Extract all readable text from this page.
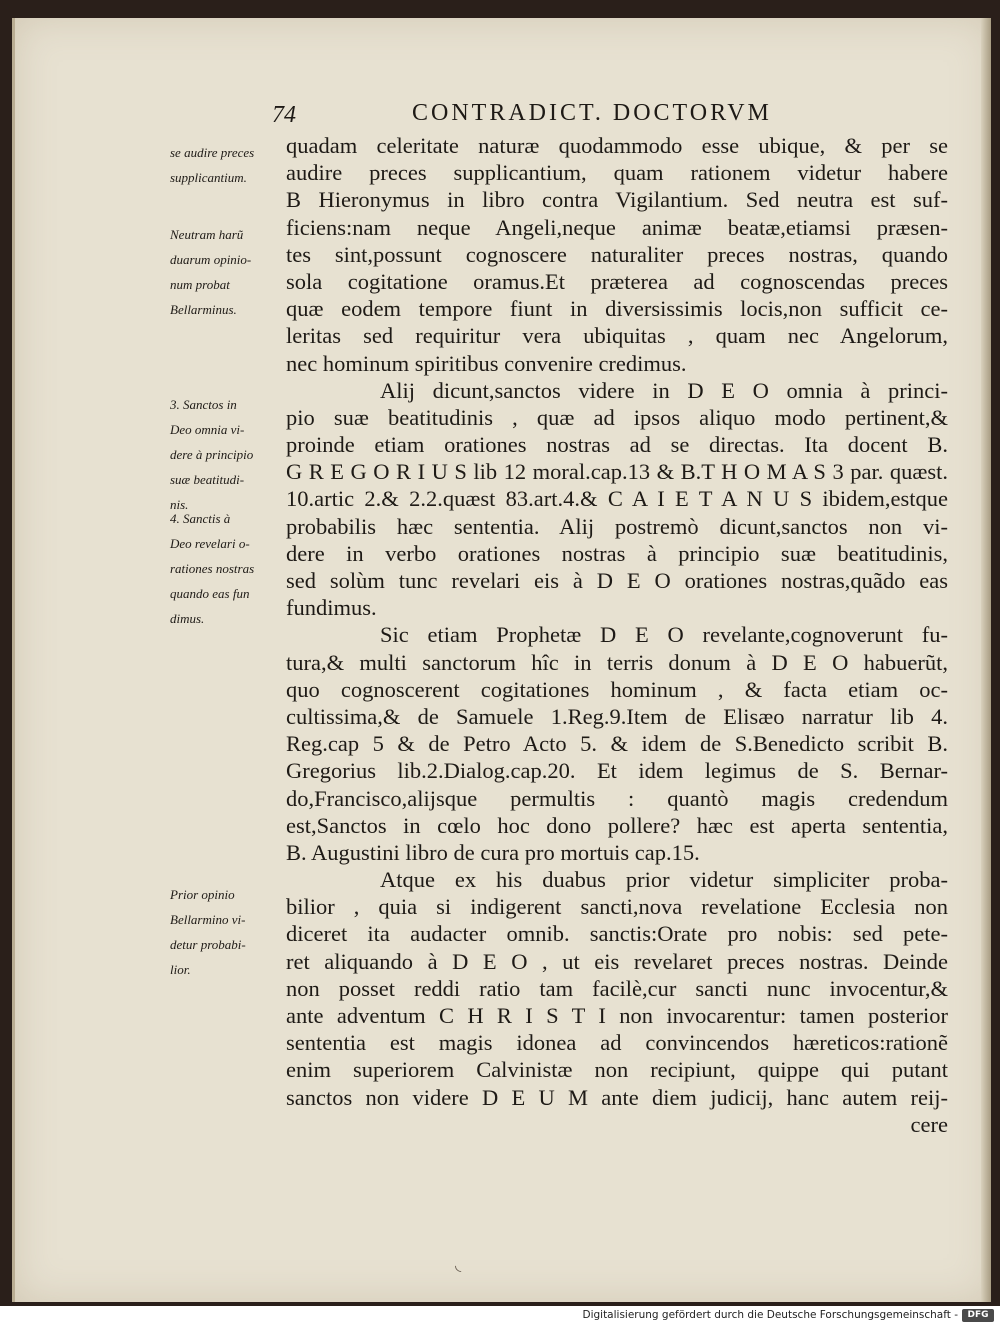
74	CONTRADICT. DOCTORVM
se audire preces
supplicantium.
Neutram harũ
duarum opinio-
num probat
Bellarminus.
3. Sanctos in
Deo omnia vi-
dere à principio
suæ beatitudi-
nis.
4. Sanctis à
Deo revelari o-
rationes nostras
quando eas fun
dimus.
Prior opinio
Bellarmino vi-
detur probabi-
lior.
quadam celeritate naturæ quodammodo esse ubique, & per se
audire preces supplicantium, quam rationem videtur habere
B Hieronymus in libro contra Vigilantium. Sed neutra est suf-
ficiens:nam neque Angeli,neque animæ beatæ,etiamsi præsen-
tes sint,possunt cognoscere naturaliter preces nostras, quando
sola cogitatione oramus.Et præterea ad cognoscendas preces
quæ eodem tempore fiunt in diversissimis locis,non sufficit ce-
leritas sed requiritur vera ubiquitas , quam nec Angelorum,
nec hominum spiritibus convenire credimus.
Alij dicunt,sanctos videre in D E O omnia à princi-
pio suæ beatitudinis , quæ ad ipsos aliquo modo pertinent,&
proinde etiam orationes nostras ad se directas. Ita docent B.
G R E G O R I U S lib 12 moral.cap.13 & B.T H O M A S 3 par. quæst.
10.artic 2.& 2.2.quæst 83.art.4.& C A I E T A N U S ibidem,estque
probabilis hæc sententia. Alij postremò dicunt,sanctos non vi-
dere in verbo orationes nostras à principio suæ beatitudinis,
sed solùm tunc revelari eis à D E O orationes nostras,quãdo eas
fundimus.
Sic etiam Prophetæ D E O revelante,cognoverunt fu-
tura,& multi sanctorum hîc in terris donum à D E O habuerũt,
quo cognoscerent cogitationes hominum , & facta etiam oc-
cultissima,& de Samuele 1.Reg.9.Item de Elisæo narratur lib 4.
Reg.cap 5 & de Petro Acto 5. & idem de S.Benedicto scribit B.
Gregorius lib.2.Dialog.cap.20. Et idem legimus de S. Bernar-
do,Francisco,alijsque permultis : quantò magis credendum
est,Sanctos in cœlo hoc dono pollere? hæc est aperta sententia,
B. Augustini libro de cura pro mortuis cap.15.
Atque ex his duabus prior videtur simpliciter proba-
bilior , quia si indigerent sancti,nova revelatione Ecclesia non
diceret ita audacter omnib. sanctis:Orate pro nobis: sed pete-
ret aliquando à D E O , ut eis revelaret preces nostras. Deinde
non posset reddi ratio tam facilè,cur sancti nunc invocentur,&
ante adventum C H R I S T I non invocarentur: tamen posterior
sententia est magis idonea ad convincendos hæreticos:rationẽ
enim superiorem Calvinistæ non recipiunt, quippe qui putant
sanctos non videre D E U M ante diem judicij, hanc autem reij-
cere
◟
Digitalisierung gefördert durch die Deutsche Forschungsgemeinschaft -	DFG
